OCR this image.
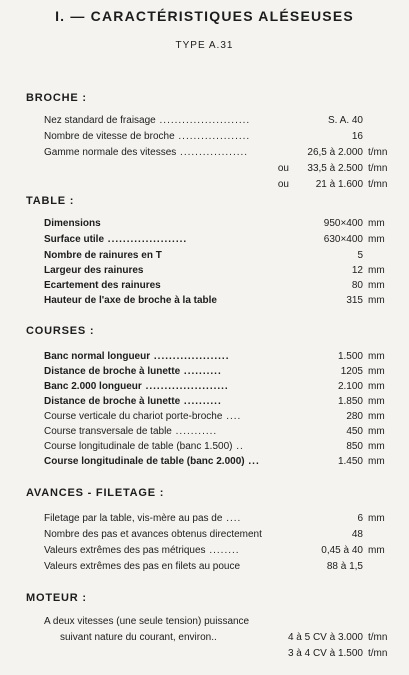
I. — CARACTÉRISTIQUES ALÉSEUSES
TYPE A.31
BROCHE :
Nez standard de fraisage ........................	S. A. 40
Nombre de vitesse de broche ...................	16
Gamme normale des vitesses ..................	26,5 à 2.000 t/mn
ou 33,5 à 2.500 t/mn
ou	21 à 1.600 t/mn
TABLE :
Dimensions	950×400 mm
Surface utile .....................	630×400 mm
Nombre de rainures en T	5
Largeur des rainures	12 mm
Ecartement des rainures	80 mm
Hauteur de l'axe de broche à la table	315 mm
COURSES :
Banc normal longueur ....................	1.500 mm
Distance de broche à lunette ..........	1205 mm
Banc 2.000 longueur ......................	2.100 mm
Distance de broche à lunette ..........	1.850 mm
Course verticale du chariot porte-broche ....	280 mm
Course transversale de table ...........	450 mm
Course longitudinale de table (banc 1.500) ..	850 mm
Course longitudinale de table (banc 2.000) ...	1.450 mm
AVANCES - FILETAGE :
Filetage par la table, vis-mère au pas de ....	6 mm
Nombre des pas et avances obtenus directement	48
Valeurs extrêmes des pas métriques ........	0,45 à 40 mm
Valeurs extrêmes des pas en filets au pouce	88 à 1,5
MOTEUR :
A deux vitesses (une seule tension) puissance
suivant nature du courant, environ..	4 à 5 CV à 3.000 t/mn
3 à 4 CV à 1.500 t/mn
